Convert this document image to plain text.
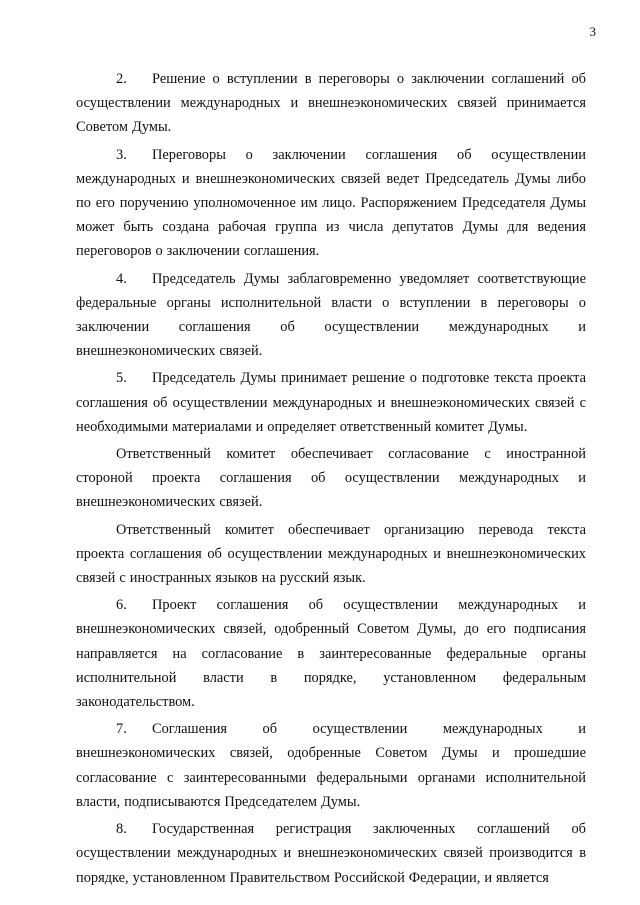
3

2. Решение о вступлении в переговоры о заключении соглашений об осуществлении международных и внешнеэкономических связей принимается Советом Думы.

3. Переговоры о заключении соглашения об осуществлении международных и внешнеэкономических связей ведет Председатель Думы либо по его поручению уполномоченное им лицо. Распоряжением Председателя Думы может быть создана рабочая группа из числа депутатов Думы для ведения переговоров о заключении соглашения.

4. Председатель Думы заблаговременно уведомляет соответствующие федеральные органы исполнительной власти о вступлении в переговоры о заключении соглашения об осуществлении международных и внешнеэкономических связей.

5. Председатель Думы принимает решение о подготовке текста проекта соглашения об осуществлении международных и внешнеэкономических связей с необходимыми материалами и определяет ответственный комитет Думы.

Ответственный комитет обеспечивает согласование с иностранной стороной проекта соглашения об осуществлении международных и внешнеэкономических связей.

Ответственный комитет обеспечивает организацию перевода текста проекта соглашения об осуществлении международных и внешнеэкономических связей с иностранных языков на русский язык.

6. Проект соглашения об осуществлении международных и внешнеэкономических связей, одобренный Советом Думы, до его подписания направляется на согласование в заинтересованные федеральные органы исполнительной власти в порядке, установленном федеральным законодательством.

7. Соглашения об осуществлении международных и внешнеэкономических связей, одобренные Советом Думы и прошедшие согласование с заинтересованными федеральными органами исполнительной власти, подписываются Председателем Думы.

8. Государственная регистрация заключенных соглашений об осуществлении международных и внешнеэкономических связей производится в порядке, установленном Правительством Российской Федерации, и является
